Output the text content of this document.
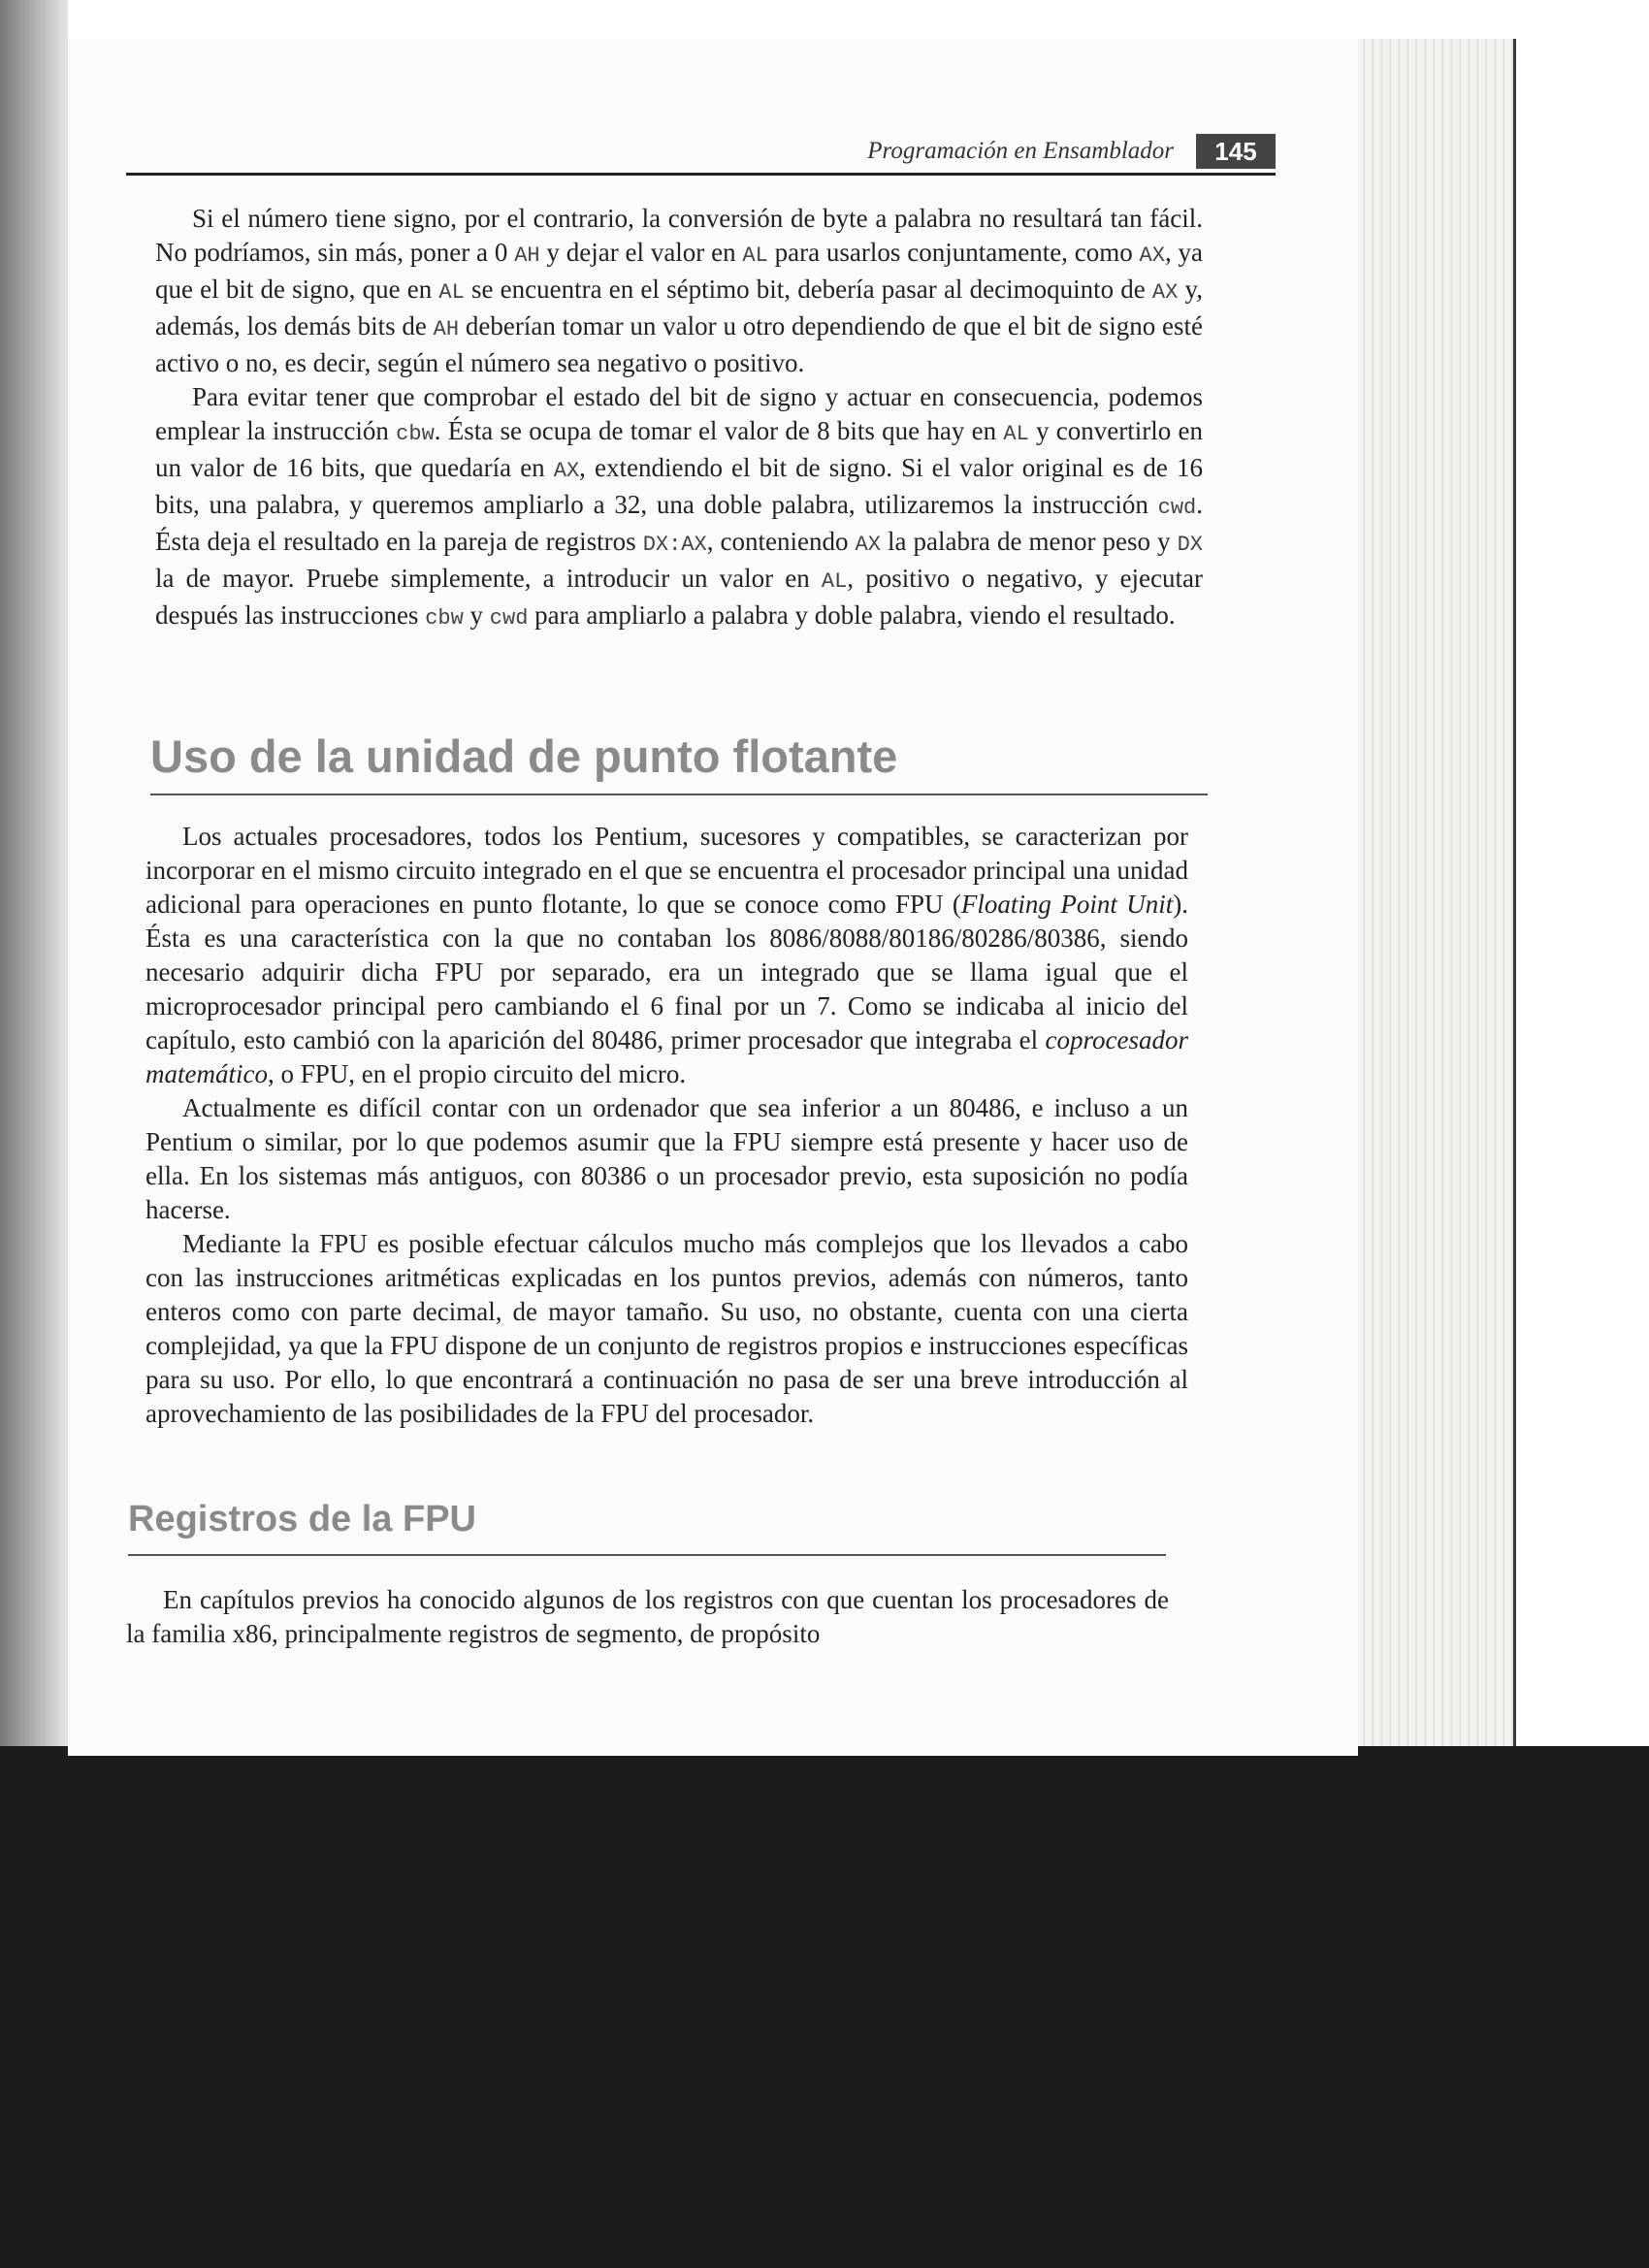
Programación en Ensamblador	145

Si el número tiene signo, por el contrario, la conversión de byte a palabra no resultará tan fácil. No podríamos, sin más, poner a 0 AH y dejar el valor en AL para usarlos conjuntamente, como AX, ya que el bit de signo, que en AL se encuentra en el séptimo bit, debería pasar al decimoquinto de AX y, además, los demás bits de AH deberían tomar un valor u otro dependiendo de que el bit de signo esté activo o no, es decir, según el número sea negativo o positivo.

Para evitar tener que comprobar el estado del bit de signo y actuar en consecuencia, podemos emplear la instrucción cbw. Ésta se ocupa de tomar el valor de 8 bits que hay en AL y convertirlo en un valor de 16 bits, que quedaría en AX, extendiendo el bit de signo. Si el valor original es de 16 bits, una palabra, y queremos ampliarlo a 32, una doble palabra, utilizaremos la instrucción cwd. Ésta deja el resultado en la pareja de registros DX:AX, conteniendo AX la palabra de menor peso y DX la de mayor. Pruebe simplemente, a introducir un valor en AL, positivo o negativo, y ejecutar después las instrucciones cbw y cwd para ampliarlo a palabra y doble palabra, viendo el resultado.

Uso de la unidad de punto flotante

Los actuales procesadores, todos los Pentium, sucesores y compatibles, se caracterizan por incorporar en el mismo circuito integrado en el que se encuentra el procesador principal una unidad adicional para operaciones en punto flotante, lo que se conoce como FPU (Floating Point Unit). Ésta es una característica con la que no contaban los 8086/8088/80186/80286/80386, siendo necesario adquirir dicha FPU por separado, era un integrado que se llama igual que el microprocesador principal pero cambiando el 6 final por un 7. Como se indicaba al inicio del capítulo, esto cambió con la aparición del 80486, primer procesador que integraba el coprocesador matemático, o FPU, en el propio circuito del micro.

Actualmente es difícil contar con un ordenador que sea inferior a un 80486, e incluso a un Pentium o similar, por lo que podemos asumir que la FPU siempre está presente y hacer uso de ella. En los sistemas más antiguos, con 80386 o un procesador previo, esta suposición no podía hacerse.

Mediante la FPU es posible efectuar cálculos mucho más complejos que los llevados a cabo con las instrucciones aritméticas explicadas en los puntos previos, además con números, tanto enteros como con parte decimal, de mayor tamaño. Su uso, no obstante, cuenta con una cierta complejidad, ya que la FPU dispone de un conjunto de registros propios e instrucciones específicas para su uso. Por ello, lo que encontrará a continuación no pasa de ser una breve introducción al aprovechamiento de las posibilidades de la FPU del procesador.

Registros de la FPU

En capítulos previos ha conocido algunos de los registros con que cuentan los procesadores de la familia x86, principalmente registros de segmento, de propósito
